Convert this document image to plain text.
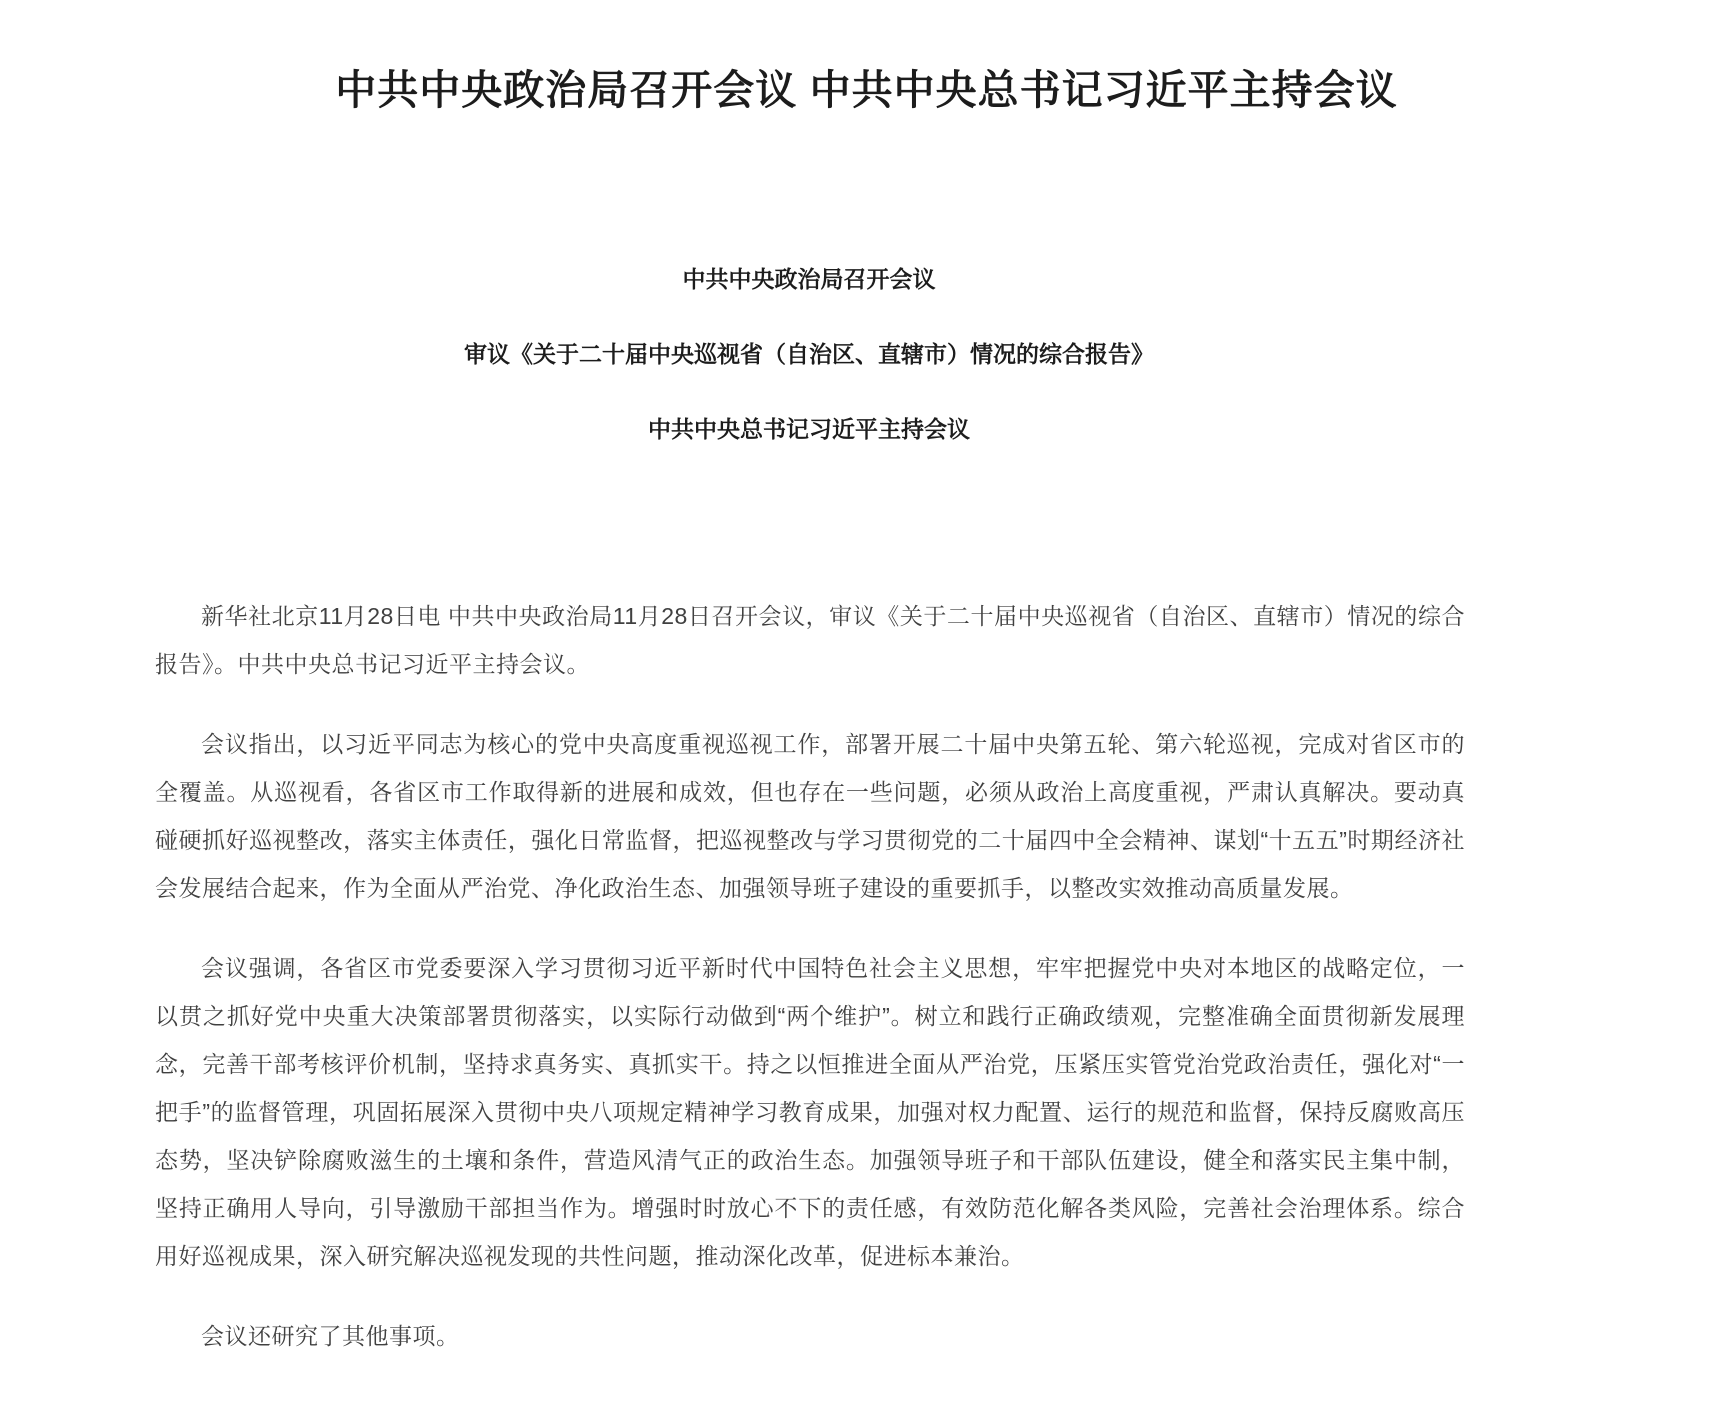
中共中央政治局召开会议 中共中央总书记习近平主持会议

中共中央政治局召开会议

审议《关于二十届中央巡视省（自治区、直辖市）情况的综合报告》

中共中央总书记习近平主持会议

新华社北京11月28日电 中共中央政治局11月28日召开会议，审议《关于二十届中央巡视省（自治区、直辖市）情况的综合报告》。中共中央总书记习近平主持会议。

会议指出，以习近平同志为核心的党中央高度重视巡视工作，部署开展二十届中央第五轮、第六轮巡视，完成对省区市的全覆盖。从巡视看，各省区市工作取得新的进展和成效，但也存在一些问题，必须从政治上高度重视，严肃认真解决。要动真碰硬抓好巡视整改，落实主体责任，强化日常监督，把巡视整改与学习贯彻党的二十届四中全会精神、谋划“十五五”时期经济社会发展结合起来，作为全面从严治党、净化政治生态、加强领导班子建设的重要抓手，以整改实效推动高质量发展。

会议强调，各省区市党委要深入学习贯彻习近平新时代中国特色社会主义思想，牢牢把握党中央对本地区的战略定位，一以贯之抓好党中央重大决策部署贯彻落实，以实际行动做到“两个维护”。树立和践行正确政绩观，完整准确全面贯彻新发展理念，完善干部考核评价机制，坚持求真务实、真抓实干。持之以恒推进全面从严治党，压紧压实管党治党政治责任，强化对“一把手”的监督管理，巩固拓展深入贯彻中央八项规定精神学习教育成果，加强对权力配置、运行的规范和监督，保持反腐败高压态势，坚决铲除腐败滋生的土壤和条件，营造风清气正的政治生态。加强领导班子和干部队伍建设，健全和落实民主集中制，坚持正确用人导向，引导激励干部担当作为。增强时时放心不下的责任感，有效防范化解各类风险，完善社会治理体系。综合用好巡视成果，深入研究解决巡视发现的共性问题，推动深化改革，促进标本兼治。

会议还研究了其他事项。
